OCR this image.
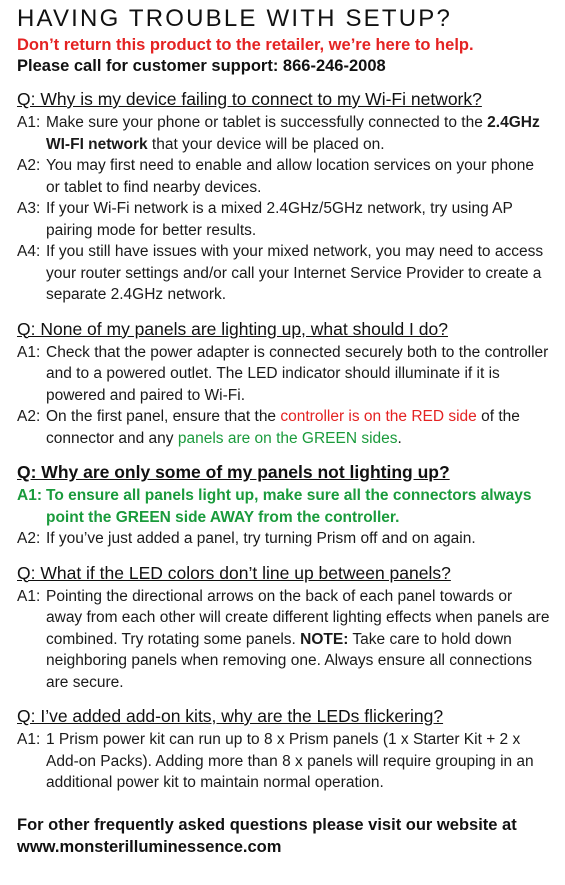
HAVING TROUBLE WITH SETUP?

Don’t return this product to the retailer, we’re here to help.

Please call for customer support: 866-246-2008

Q: Why is my device failing to connect to my Wi-Fi network?

A1: Make sure your phone or tablet is successfully connected to the 2.4GHz WI-FI network that your device will be placed on.
A2: You may first need to enable and allow location services on your phone or tablet to find nearby devices.
A3: If your Wi-Fi network is a mixed 2.4GHz/5GHz network, try using AP pairing mode for better results.
A4: If you still have issues with your mixed network, you may need to access your router settings and/or call your Internet Service Provider to create a separate 2.4GHz network.

Q: None of my panels are lighting up, what should I do?

A1: Check that the power adapter is connected securely both to the controller and to a powered outlet. The LED indicator should illuminate if it is powered and paired to Wi-Fi.
A2: On the first panel, ensure that the controller is on the RED side of the connector and any panels are on the GREEN sides.

Q: Why are only some of my panels not lighting up?

A1: To ensure all panels light up, make sure all the connectors always point the GREEN side AWAY from the controller.
A2: If you’ve just added a panel, try turning Prism off and on again.

Q: What if the LED colors don’t line up between panels?

A1: Pointing the directional arrows on the back of each panel towards or away from each other will create different lighting effects when panels are combined. Try rotating some panels. NOTE: Take care to hold down neighboring panels when removing one. Always ensure all connections are secure.

Q: I’ve added add-on kits, why are the LEDs flickering?

A1: 1 Prism power kit can run up to 8 x Prism panels (1 x Starter Kit + 2 x Add-on Packs). Adding more than 8 x panels will require grouping in an additional power kit to maintain normal operation.

For other frequently asked questions please visit our website at www.monsterilluminessence.com
